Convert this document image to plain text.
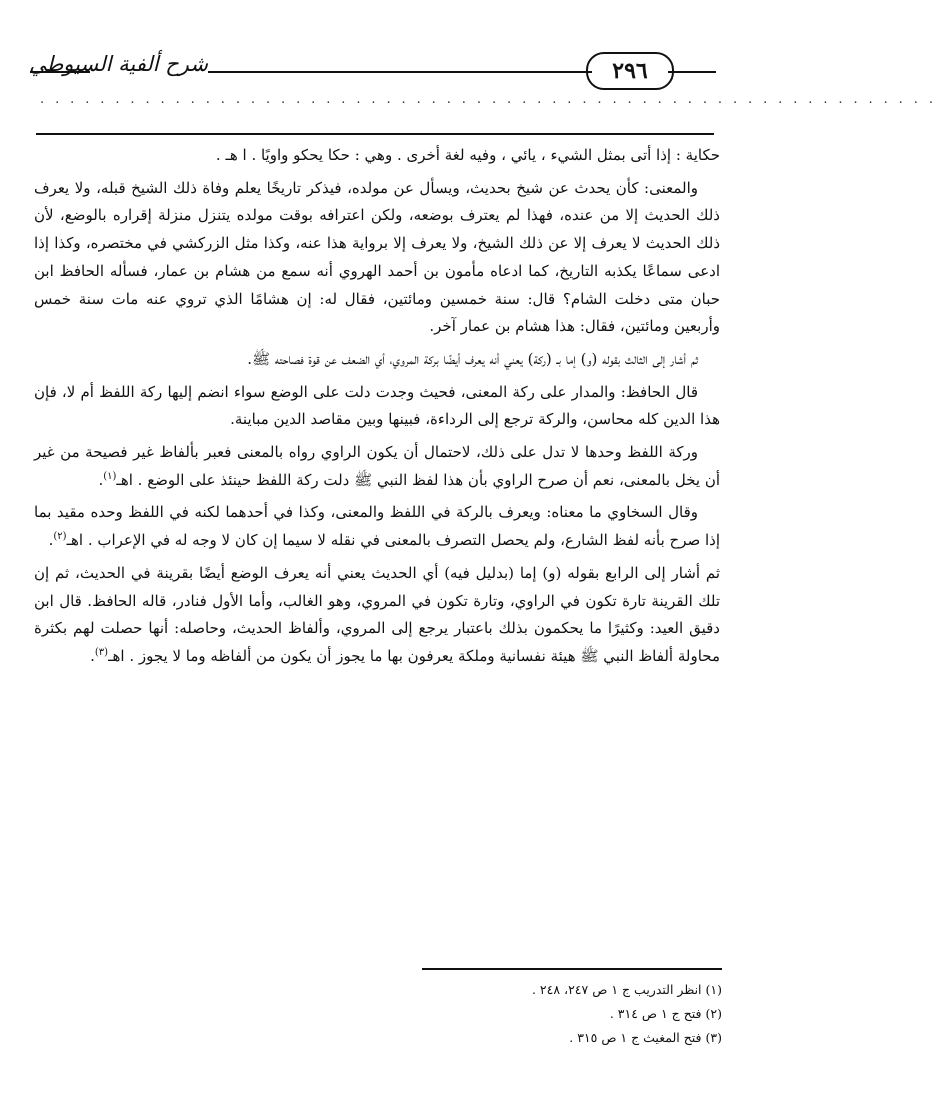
شرح ألفية السيوطي	٢٩٦
. . . . . . . . . . . . . . . . . . . . . . . . . . . . . . . . . . . . . . . . . . . . . . . . . . . . . . . . . . . .

حكاية : إذا أتى بمثل الشيء ، يائي ، وفيه لغة أخرى . وهي : حكا يحكو واويًا . ا هـ .

والمعنى: كأن يحدث عن شيخ بحديث، ويسأل عن مولده، فيذكر تاريخًا يعلم وفاة ذلك الشيخ قبله، ولا يعرف ذلك الحديث إلا من عنده، فهذا لم يعترف بوضعه، ولكن اعترافه بوقت مولده يتنزل منزلة إقراره بالوضع، لأن ذلك الحديث لا يعرف إلا عن ذلك الشيخ، ولا يعرف إلا برواية هذا عنه، وكذا مثل الزركشي في مختصره، وكذا إذا ادعى سماعًا يكذبه التاريخ، كما ادعاه مأمون بن أحمد الهروي أنه سمع من هشام بن عمار، فسأله الحافظ ابن حبان متى دخلت الشام؟ قال: سنة خمسين ومائتين، فقال له: إن هشامًا الذي تروي عنه مات سنة خمس وأربعين ومائتين، فقال: هذا هشام بن عمار آخر.

ثم أشار إلى الثالث بقوله (و) إما بـ (ركة) يعني أنه يعرف أيضًا بركة المروي، أي الضعف عن قوة فصاحته ﷺ.

قال الحافظ: والمدار على ركة المعنى، فحيث وجدت دلت على الوضع سواء انضم إليها ركة اللفظ أم لا، فإن هذا الدين كله محاسن، والركة ترجع إلى الرداءة، فبينها وبين مقاصد الدين مباينة.

وركة اللفظ وحدها لا تدل على ذلك، لاحتمال أن يكون الراوي رواه بالمعنى فعبر بألفاظ غير فصيحة من غير أن يخل بالمعنى، نعم أن صرح الراوي بأن هذا لفظ النبي ﷺ دلت ركة اللفظ حينئذ على الوضع . اهـ$^{(١)}$.

وقال السخاوي ما معناه: ويعرف بالركة في اللفظ والمعنى، وكذا في أحدهما لكنه في اللفظ وحده مقيد بما إذا صرح بأنه لفظ الشارع، ولم يحصل التصرف بالمعنى في نقله لا سيما إن كان لا وجه له في الإعراب . اهـ$^{(٢)}$.

ثم أشار إلى الرابع بقوله (و) إما (بدليل فيه) أي الحديث يعني أنه يعرف الوضع أيضًا بقرينة في الحديث، ثم إن تلك القرينة تارة تكون في الراوي، وتارة تكون في المروي، وهو الغالب، وأما الأول فنادر، قاله الحافظ. قال ابن دقيق العيد: وكثيرًا ما يحكمون بذلك باعتبار يرجع إلى المروي، وألفاظ الحديث، وحاصله: أنها حصلت لهم بكثرة محاولة ألفاظ النبي ﷺ هيئة نفسانية وملكة يعرفون بها ما يجوز أن يكون من ألفاظه وما لا يجوز . اهـ$^{(٣)}$.

(١) انظر التدريب ج ١ ص ٢٤٧، ٢٤٨ .
(٢) فتح ج ١ ص ٣١٤ .
(٣) فتح المغيث ج ١ ص ٣١٥ .
